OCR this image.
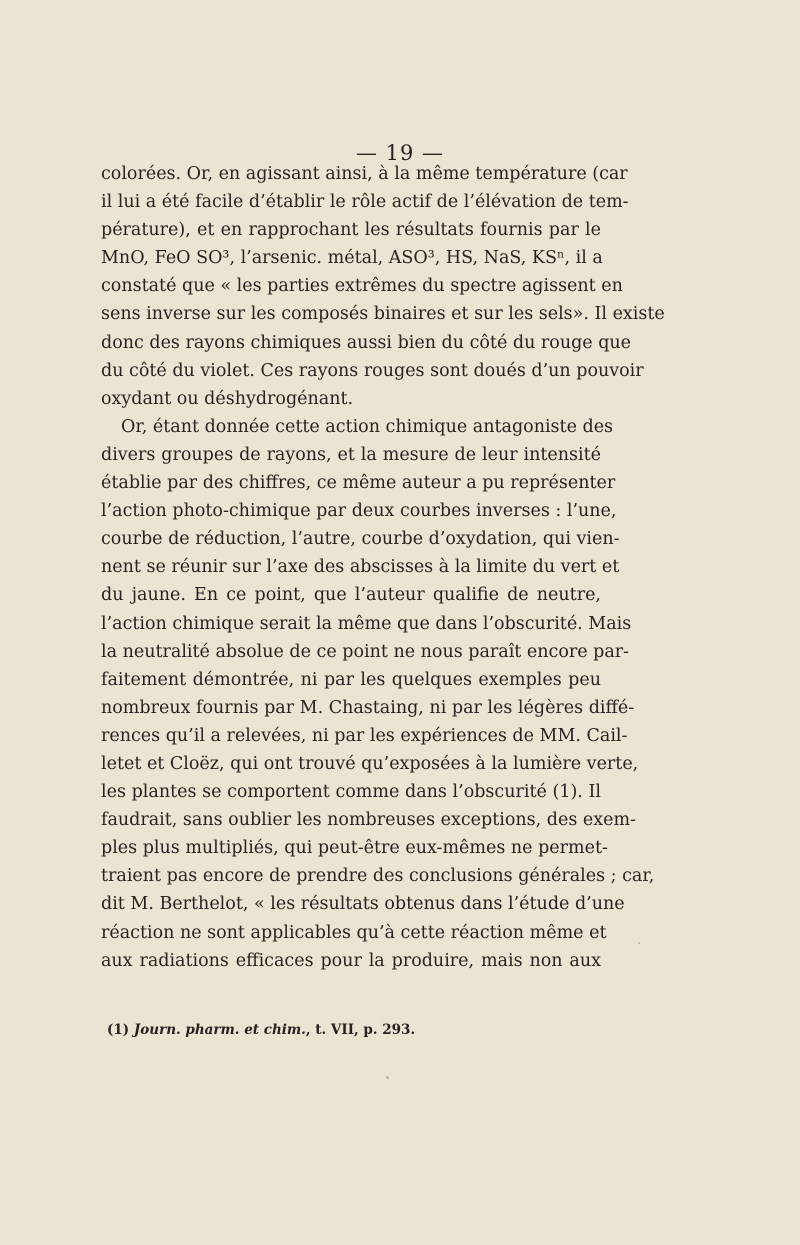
— 19 —
colorées. Or, en agissant ainsi, à la même température (car
il lui a été facile d’établir le rôle actif de l’élévation de tem-
pérature), et en rapprochant les résultats fournis par le
MnO, FeO SO³, l’arsenic. métal, ASO³, HS, NaS, KSⁿ, il a
constaté que « les parties extrêmes du spectre agissent en
sens inverse sur les composés binaires et sur les sels». Il existe
donc des rayons chimiques aussi bien du côté du rouge que
du côté du violet. Ces rayons rouges sont doués d’un pouvoir
oxydant ou déshydrogénant.
Or, étant donnée cette action chimique antagoniste des
divers groupes de rayons, et la mesure de leur intensité
établie par des chiffres, ce même auteur a pu représenter
l’action photo-chimique par deux courbes inverses : l’une,
courbe de réduction, l’autre, courbe d’oxydation, qui vien-
nent se réunir sur l’axe des abscisses à la limite du vert et
du jaune. En ce point, que l’auteur qualifie de neutre,
l’action chimique serait la même que dans l’obscurité. Mais
la neutralité absolue de ce point ne nous paraît encore par-
faitement démontrée, ni par les quelques exemples peu
nombreux fournis par M. Chastaing, ni par les légères diffé-
rences qu’il a relevées, ni par les expériences de MM. Cail-
letet et Cloëz, qui ont trouvé qu’exposées à la lumière verte,
les plantes se comportent comme dans l’obscurité (1). Il
faudrait, sans oublier les nombreuses exceptions, des exem-
ples plus multipliés, qui peut-être eux-mêmes ne permet-
traient pas encore de prendre des conclusions générales ; car,
dit M. Berthelot, « les résultats obtenus dans l’étude d’une
réaction ne sont applicables qu’à cette réaction même et
aux radiations efficaces pour la produire, mais non aux
(1) Journ. pharm. et chim., t. VII, p. 293.
